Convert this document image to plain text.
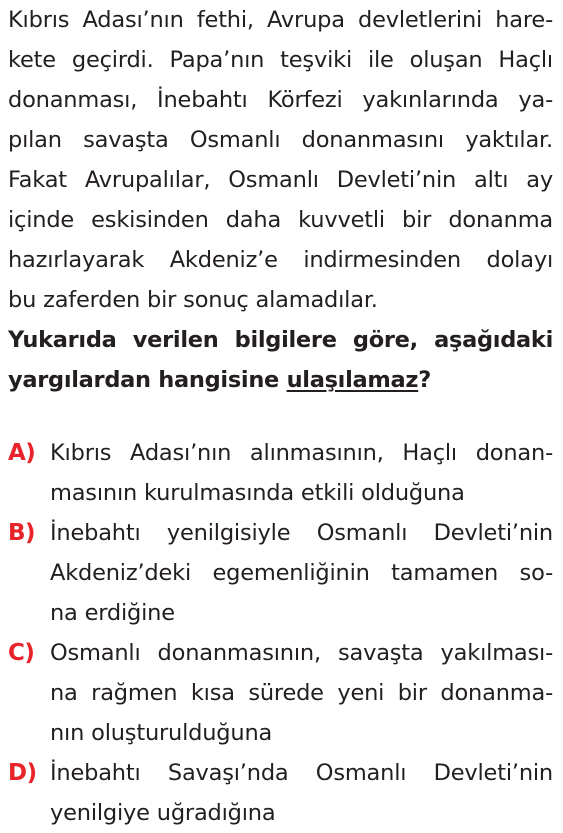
Kıbrıs Adası’nın fethi, Avrupa devletlerini hare-
kete geçirdi. Papa’nın teşviki ile oluşan Haçlı
donanması, İnebahtı Körfezi yakınlarında ya-
pılan savaşta Osmanlı donanmasını yaktılar.
Fakat Avrupalılar, Osmanlı Devleti’nin altı ay
içinde eskisinden daha kuvvetli bir donanma
hazırlayarak Akdeniz’e indirmesinden dolayı
bu zaferden bir sonuç alamadılar.
Yukarıda verilen bilgilere göre, aşağıdaki
yargılardan hangisine ulaşılamaz?
A) Kıbrıs Adası’nın alınmasının, Haçlı donan-
masının kurulmasında etkili olduğuna
B) İnebahtı yenilgisiyle Osmanlı Devleti’nin
Akdeniz’deki egemenliğinin tamamen so-
na erdiğine
C) Osmanlı donanmasının, savaşta yakılması-
na rağmen kısa sürede yeni bir donanma-
nın oluşturulduğuna
D) İnebahtı Savaşı’nda Osmanlı Devleti’nin
yenilgiye uğradığına
